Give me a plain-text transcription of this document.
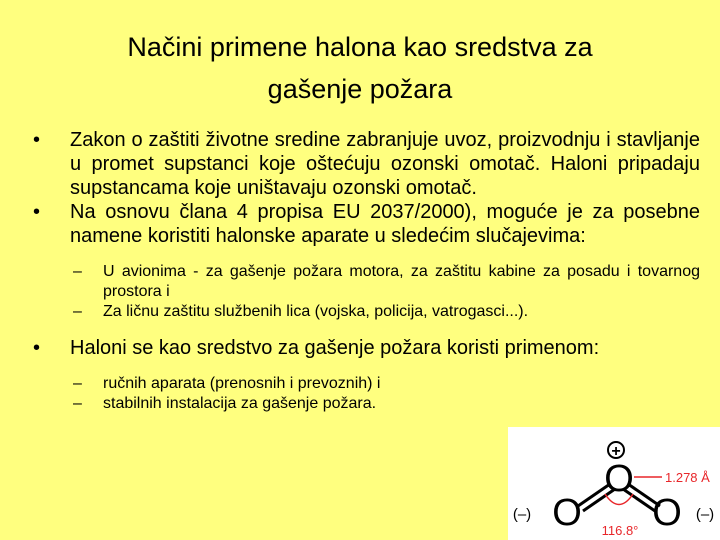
Načini primene halona kao sredstva za
gašenje požara
• Zakon o zaštiti životne sredine zabranjuje uvoz, proizvodnju i stavljanje u promet supstanci koje oštećuju ozonski omotač. Haloni pripadaju supstancama koje uništavaju ozonski omotač.
• Na osnovu člana 4 propisa EU 2037/2000), moguće je za posebne namene koristiti halonske aparate u sledećim slučajevima:
– U avionima - za gašenje požara motora, za zaštitu kabine za posadu i tovarnog prostora i
– Za ličnu zaštitu službenih lica (vojska, policija, vatrogasci...).
• Haloni se kao sredstvo za gašenje požara koristi primenom:
– ručnih aparata (prenosnih i prevoznih) i
– stabilnih instalacija za gašenje požara.
+
O
O O
(–)	(–)
1.278 Å
116.8°
